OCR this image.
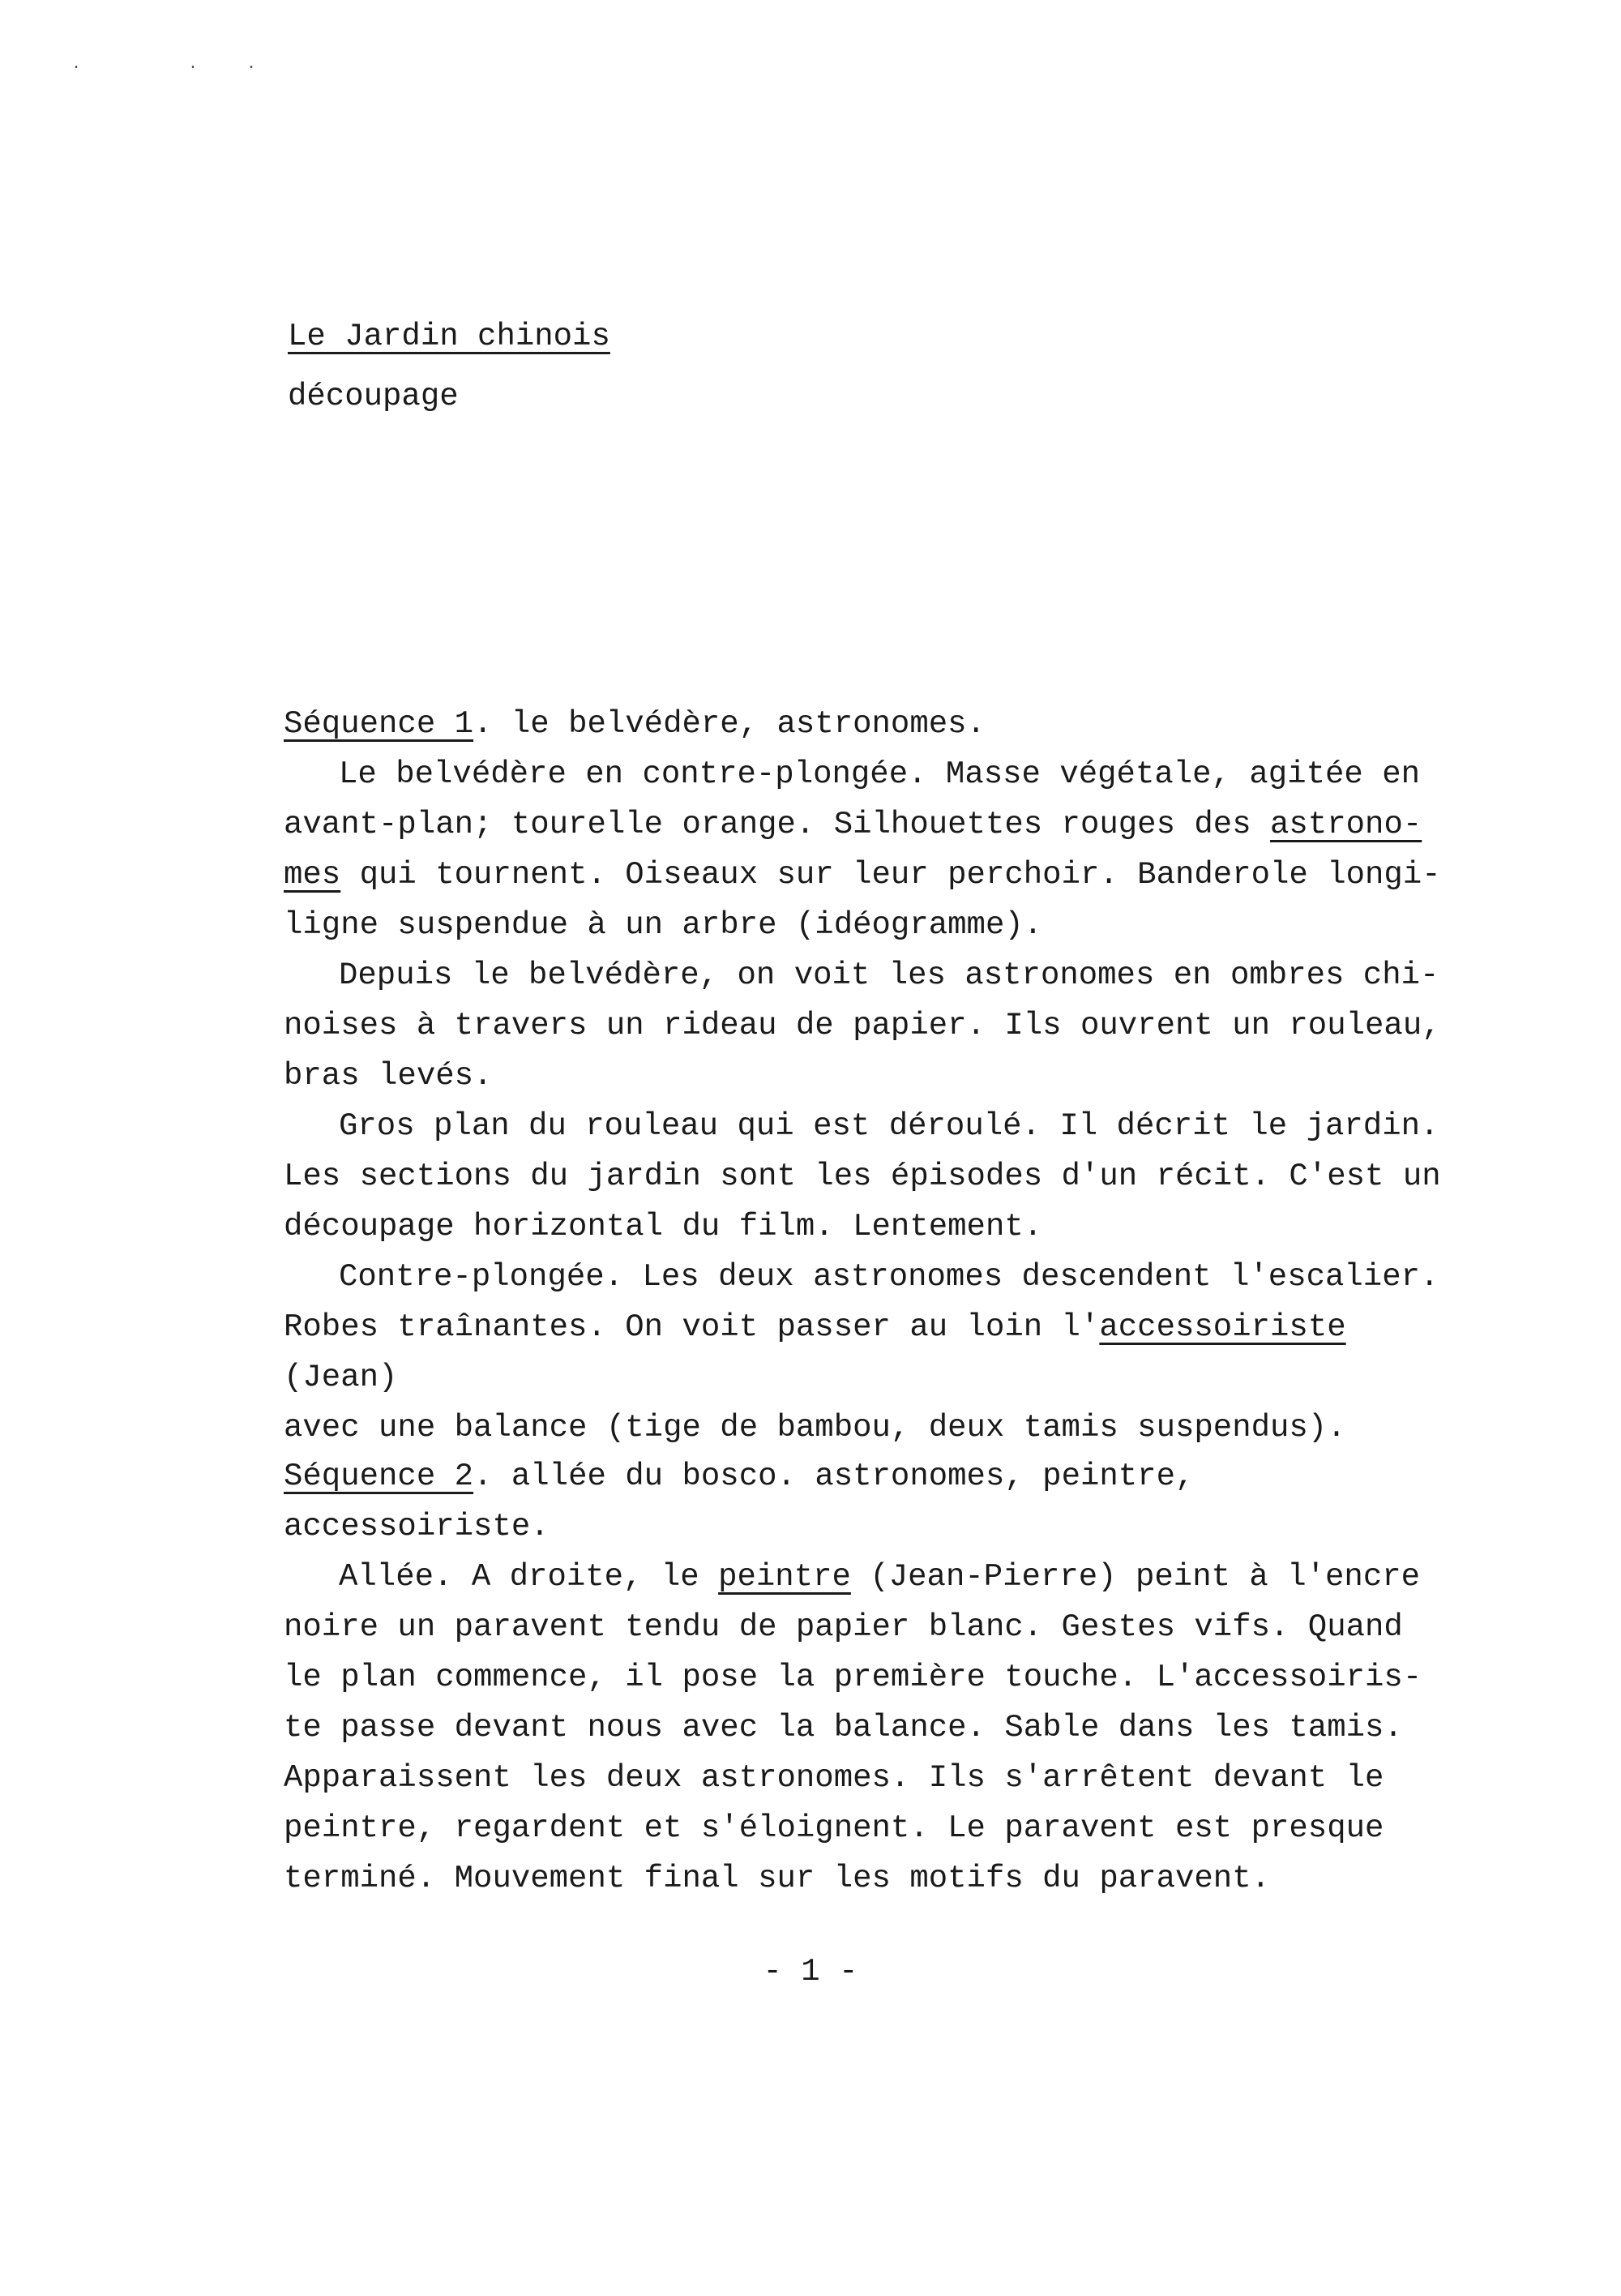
· ··
Le Jardin chinois
découpage

Séquence 1. le belvédère, astronomes.

Le belvédère en contre-plongée. Masse végétale, agitée en
avant-plan; tourelle orange. Silhouettes rouges des astrono-
mes qui tournent. Oiseaux sur leur perchoir. Banderole longi-
ligne suspendue à un arbre (idéogramme).

Depuis le belvédère, on voit les astronomes en ombres chi-
noises à travers un rideau de papier. Ils ouvrent un rouleau,
bras levés.

Gros plan du rouleau qui est déroulé. Il décrit le jardin.
Les sections du jardin sont les épisodes d'un récit. C'est un
découpage horizontal du film. Lentement.

Contre-plongée. Les deux astronomes descendent l'escalier.
Robes traînantes. On voit passer au loin l'accessoiriste (Jean)
avec une balance (tige de bambou, deux tamis suspendus).

Séquence 2. allée du bosco. astronomes, peintre, accessoiriste.

Allée. A droite, le peintre (Jean-Pierre) peint à l'encre
noire un paravent tendu de papier blanc. Gestes vifs. Quand
le plan commence, il pose la première touche. L'accessoiris-
te passe devant nous avec la balance. Sable dans les tamis.
Apparaissent les deux astronomes. Ils s'arrêtent devant le
peintre, regardent et s'éloignent. Le paravent est presque
terminé. Mouvement final sur les motifs du paravent.

- 1 -
